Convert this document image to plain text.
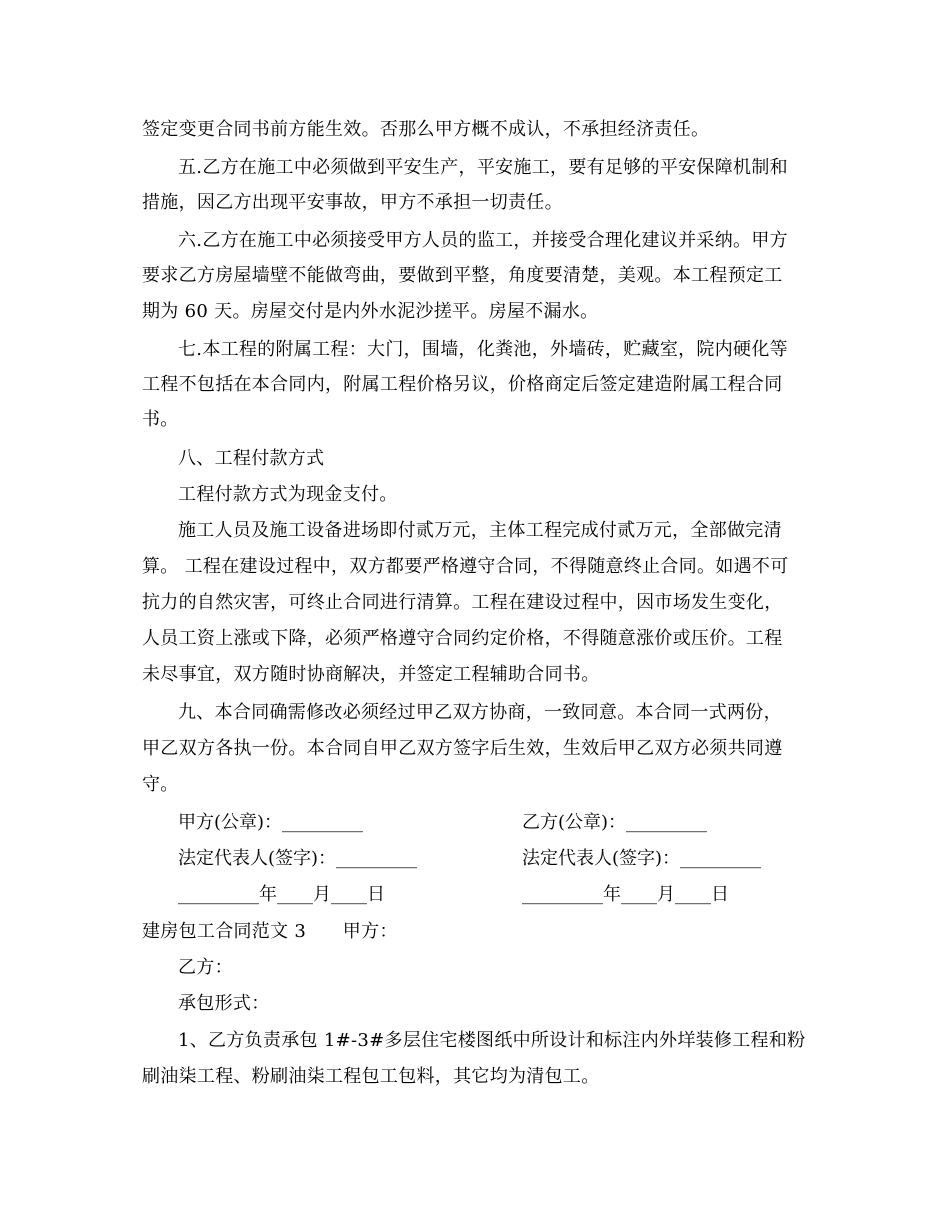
签定变更合同书前方能生效。否那么甲方概不成认，不承担经济责任。
五.乙方在施工中必须做到平安生产，平安施工，要有足够的平安保障机制和
措施，因乙方出现平安事故，甲方不承担一切责任。
六.乙方在施工中必须接受甲方人员的监工，并接受合理化建议并采纳。甲方
要求乙方房屋墙壁不能做弯曲，要做到平整，角度要清楚，美观。本工程预定工
期为 60 天。房屋交付是内外水泥沙搓平。房屋不漏水。
七.本工程的附属工程：大门，围墙，化粪池，外墙砖，贮藏室，院内硬化等
工程不包括在本合同内，附属工程价格另议，价格商定后签定建造附属工程合同
书。
八、工程付款方式
工程付款方式为现金支付。
施工人员及施工设备进场即付贰万元，主体工程完成付贰万元，全部做完清
算。 工程在建设过程中，双方都要严格遵守合同，不得随意终止合同。如遇不可
抗力的自然灾害，可终止合同进行清算。工程在建设过程中，因市场发生变化，
人员工资上涨或下降，必须严格遵守合同约定价格，不得随意涨价或压价。工程
未尽事宜，双方随时协商解决，并签定工程辅助合同书。
九、本合同确需修改必须经过甲乙双方协商，一致同意。本合同一式两份，
甲乙双方各执一份。本合同自甲乙双方签字后生效，生效后甲乙双方必须共同遵
守。
甲方(公章)：_________	乙方(公章)：_________
法定代表人(签字)：_________	法定代表人(签字)：_________
_________年____月____日	_________年____月____日
建房包工合同范文 3　　甲方：
乙方：
承包形式：
1、乙方负责承包 1#-3#多层住宅楼图纸中所设计和标注内外垟装修工程和粉
刷油柒工程、粉刷油柒工程包工包料，其它均为清包工。
